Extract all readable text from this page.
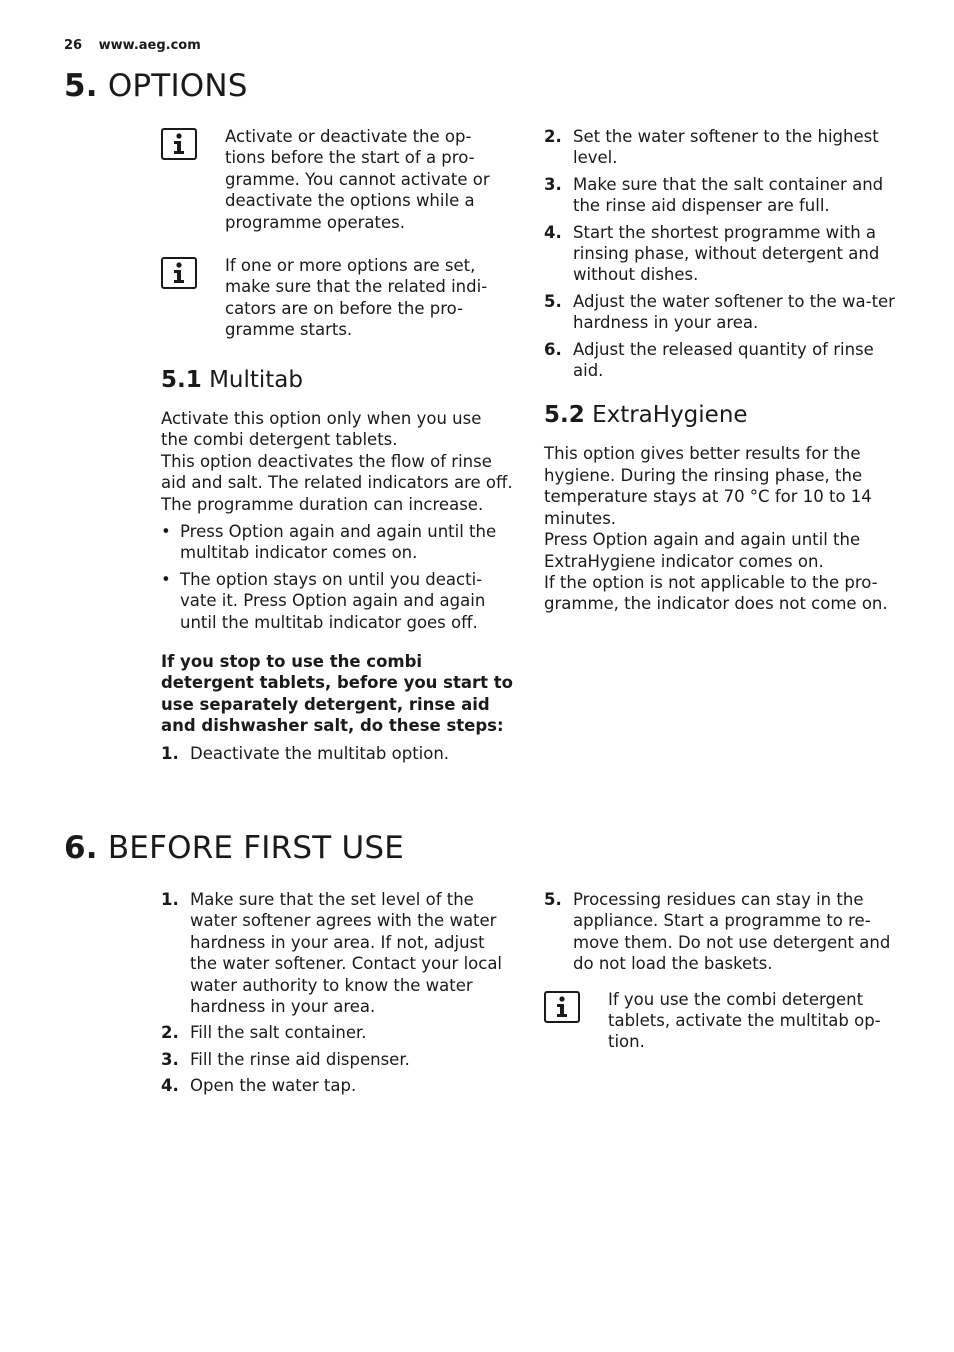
26 www.aeg.com
5. OPTIONS
Activate or deactivate the op-tions before the start of a pro-gramme. You cannot activate or deactivate the options while a programme operates.
If one or more options are set, make sure that the related indi-cators are on before the pro-gramme starts.
5.1 Multitab

Activate this option only when you use the combi detergent tablets.

This option deactivates the flow of rinse aid and salt. The related indicators are off.

The programme duration can increase.

• Press Option again and again until the multitab indicator comes on.
• The option stays on until you deacti-vate it. Press Option again and again until the multitab indicator goes off.

If you stop to use the combi detergent tablets, before you start to use separately detergent, rinse aid and dishwasher salt, do these steps:

1. Deactivate the multitab option.
2. Set the water softener to the highest level.
3. Make sure that the salt container and the rinse aid dispenser are full.
4. Start the shortest programme with a rinsing phase, without detergent and without dishes.
5. Adjust the water softener to the wa-ter hardness in your area.
6. Adjust the released quantity of rinse aid.
5.2 ExtraHygiene

This option gives better results for the hygiene. During the rinsing phase, the temperature stays at 70 °C for 10 to 14 minutes.

Press Option again and again until the ExtraHygiene indicator comes on.

If the option is not applicable to the pro-gramme, the indicator does not come on.

6. BEFORE FIRST USE
1. Make sure that the set level of the water softener agrees with the water hardness in your area. If not, adjust the water softener. Contact your local water authority to know the water hardness in your area.
2. Fill the salt container.
3. Fill the rinse aid dispenser.
4. Open the water tap.
5. Processing residues can stay in the appliance. Start a programme to re-move them. Do not use detergent and do not load the baskets.
If you use the combi detergent tablets, activate the multitab op-tion.
